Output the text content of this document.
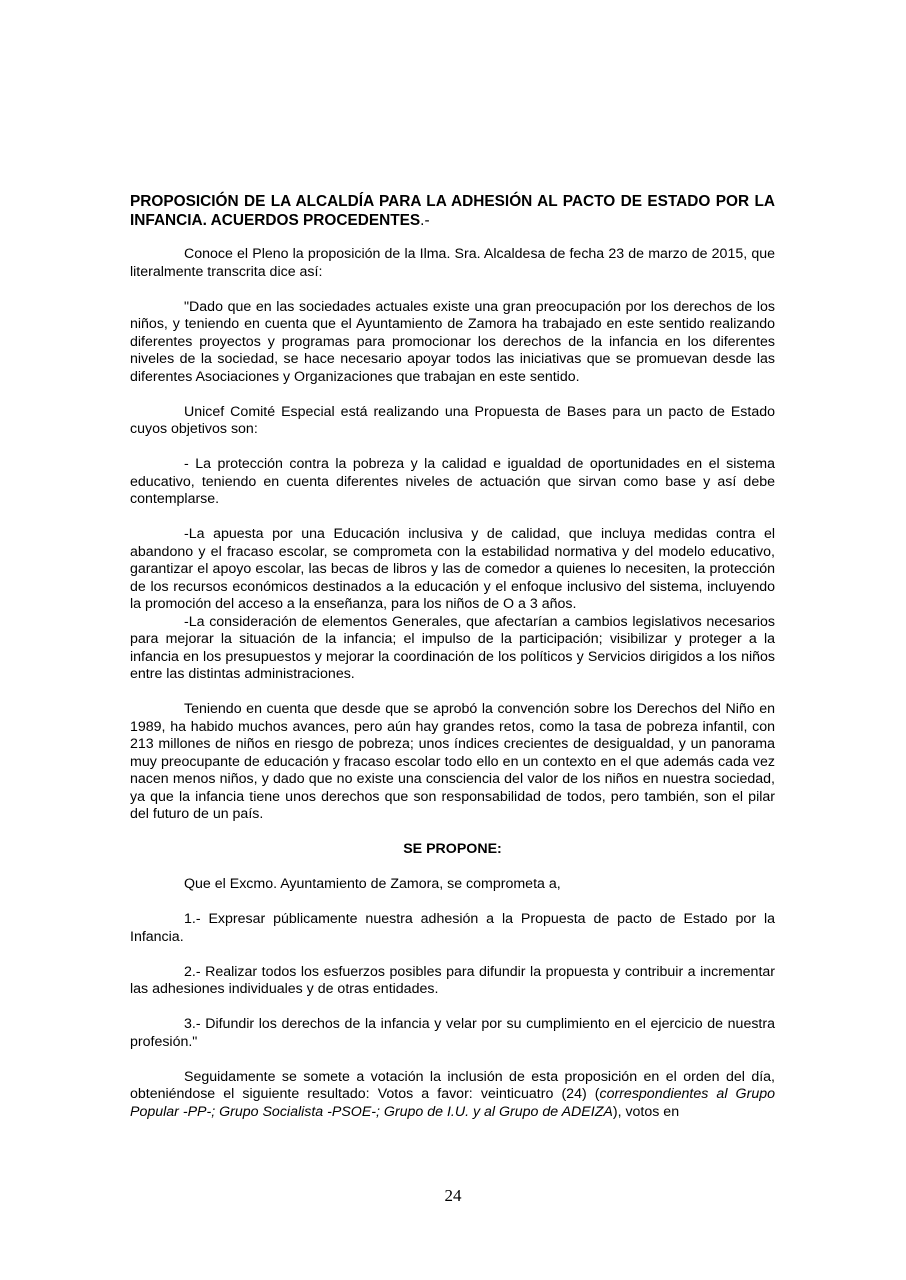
PROPOSICIÓN DE LA ALCALDÍA PARA LA ADHESIÓN AL PACTO DE ESTADO POR LA INFANCIA. ACUERDOS PROCEDENTES.-

Conoce el Pleno la proposición de la Ilma. Sra. Alcaldesa de fecha 23 de marzo de 2015, que literalmente transcrita dice así:

"Dado que en las sociedades actuales existe una gran preocupación por los derechos de los niños, y teniendo en cuenta que el Ayuntamiento de Zamora ha trabajado en este sentido realizando diferentes proyectos y programas para promocionar los derechos de la infancia en los diferentes niveles de la sociedad, se hace necesario apoyar todos las iniciativas que se promuevan desde las diferentes Asociaciones y Organizaciones que trabajan en este sentido.

Unicef Comité Especial está realizando una Propuesta de Bases para un pacto de Estado cuyos objetivos son:

- La protección contra la pobreza y la calidad e igualdad de oportunidades en el sistema educativo, teniendo en cuenta diferentes niveles de actuación que sirvan como base y así debe contemplarse.

-La apuesta por una Educación inclusiva y de calidad, que incluya medidas contra el abandono y el fracaso escolar, se comprometa con la estabilidad normativa y del modelo educativo, garantizar el apoyo escolar, las becas de libros y las de comedor a quienes lo necesiten, la protección de los recursos económicos destinados a la educación y el enfoque inclusivo del sistema, incluyendo la promoción del acceso a la enseñanza, para los niños de O a 3 años.

-La consideración de elementos Generales, que afectarían a cambios legislativos necesarios para mejorar la situación de la infancia; el impulso de la participación; visibilizar y proteger a la infancia en los presupuestos y mejorar la coordinación de los políticos y Servicios dirigidos a los niños entre las distintas administraciones.

Teniendo en cuenta que desde que se aprobó la convención sobre los Derechos del Niño en 1989, ha habido muchos avances, pero aún hay grandes retos, como la tasa de pobreza infantil, con 213 millones de niños en riesgo de pobreza; unos índices crecientes de desigualdad, y un panorama muy preocupante de educación y fracaso escolar todo ello en un contexto en el que además cada vez nacen menos niños, y dado que no existe una consciencia del valor de los niños en nuestra sociedad, ya que la infancia tiene unos derechos que son responsabilidad de todos, pero también, son el pilar del futuro de un país.

SE PROPONE:

Que el Excmo. Ayuntamiento de Zamora, se comprometa a,

1.- Expresar públicamente nuestra adhesión a la Propuesta de pacto de Estado por la Infancia.

2.- Realizar todos los esfuerzos posibles para difundir la propuesta y contribuir a incrementar las adhesiones individuales y de otras entidades.

3.- Difundir los derechos de la infancia y velar por su cumplimiento en el ejercicio de nuestra profesión."

Seguidamente se somete a votación la inclusión de esta proposición en el orden del día, obteniéndose el siguiente resultado: Votos a favor: veinticuatro (24) (correspondientes al Grupo Popular -PP-; Grupo Socialista -PSOE-; Grupo de I.U. y al Grupo de ADEIZA), votos en

24
